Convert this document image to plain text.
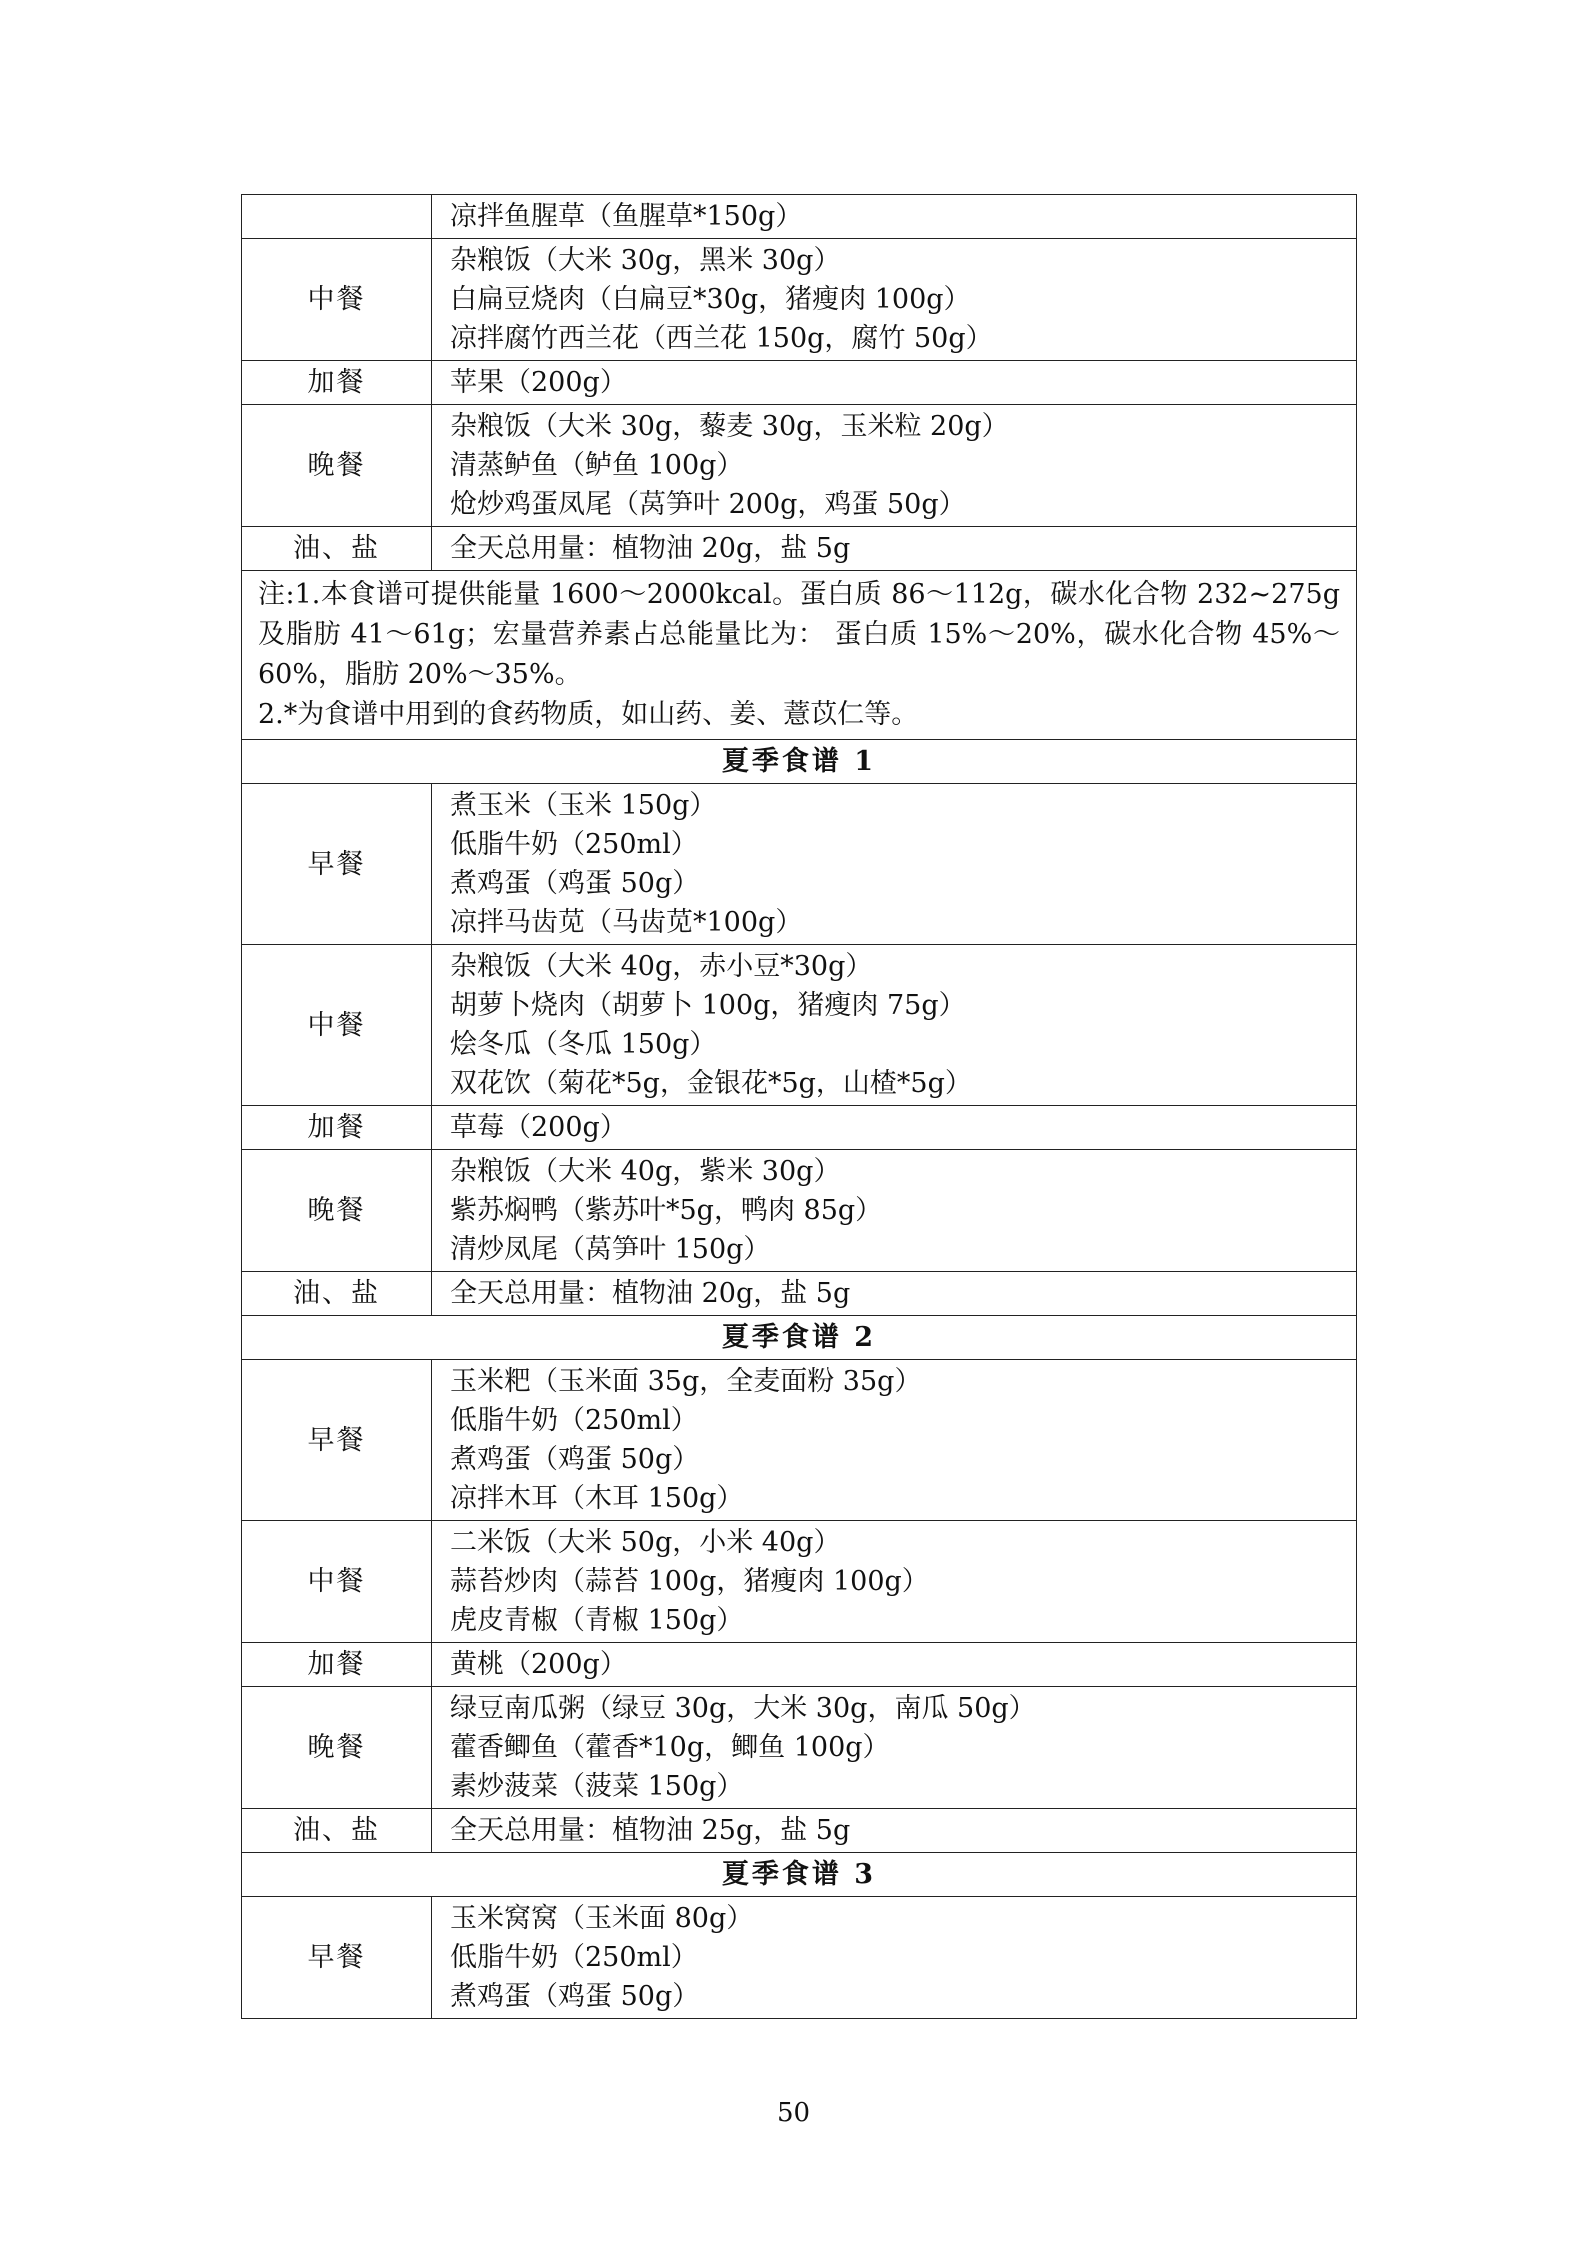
	凉拌鱼腥草（鱼腥草*150g）

中餐	杂粮饭（大米 30g，黑米 30g）
白扁豆烧肉（白扁豆*30g，猪瘦肉 100g）
凉拌腐竹西兰花（西兰花 150g，腐竹 50g）

加餐	苹果（200g）

晚餐	杂粮饭（大米 30g，藜麦 30g，玉米粒 20g）
清蒸鲈鱼（鲈鱼 100g）
炝炒鸡蛋凤尾（莴笋叶 200g，鸡蛋 50g）

油、盐	全天总用量：植物油 20g，盐 5g

注:1.本食谱可提供能量 1600～2000kcal。蛋白质 86～112g，碳水化合物 232~275g 及脂肪 41～61g；宏量营养素占总能量比为： 蛋白质 15%～20%，碳水化合物 45%～60%，脂肪 20%～35%。
2.*为食谱中用到的食药物质，如山药、姜、薏苡仁等。	

夏季食谱 1	
早餐	煮玉米（玉米 150g）
低脂牛奶（250ml）
煮鸡蛋（鸡蛋 50g）
凉拌马齿苋（马齿苋*100g）

中餐	杂粮饭（大米 40g，赤小豆*30g）
胡萝卜烧肉（胡萝卜 100g，猪瘦肉 75g）
烩冬瓜（冬瓜 150g）
双花饮（菊花*5g，金银花*5g，山楂*5g）

加餐	草莓（200g）

晚餐	杂粮饭（大米 40g，紫米 30g）
紫苏焖鸭（紫苏叶*5g，鸭肉 85g）
清炒凤尾（莴笋叶 150g）

油、盐	全天总用量：植物油 20g，盐 5g

夏季食谱 2	
早餐	玉米粑（玉米面 35g，全麦面粉 35g）
低脂牛奶（250ml）
煮鸡蛋（鸡蛋 50g）
凉拌木耳（木耳 150g）

中餐	二米饭（大米 50g，小米 40g）
蒜苔炒肉（蒜苔 100g，猪瘦肉 100g）
虎皮青椒（青椒 150g）

加餐	黄桃（200g）

晚餐	绿豆南瓜粥（绿豆 30g，大米 30g，南瓜 50g）
藿香鲫鱼（藿香*10g，鲫鱼 100g）
素炒菠菜（菠菜 150g）

油、盐	全天总用量：植物油 25g，盐 5g

夏季食谱 3	
早餐	玉米窝窝（玉米面 80g）
低脂牛奶（250ml）
煮鸡蛋（鸡蛋 50g）
50
